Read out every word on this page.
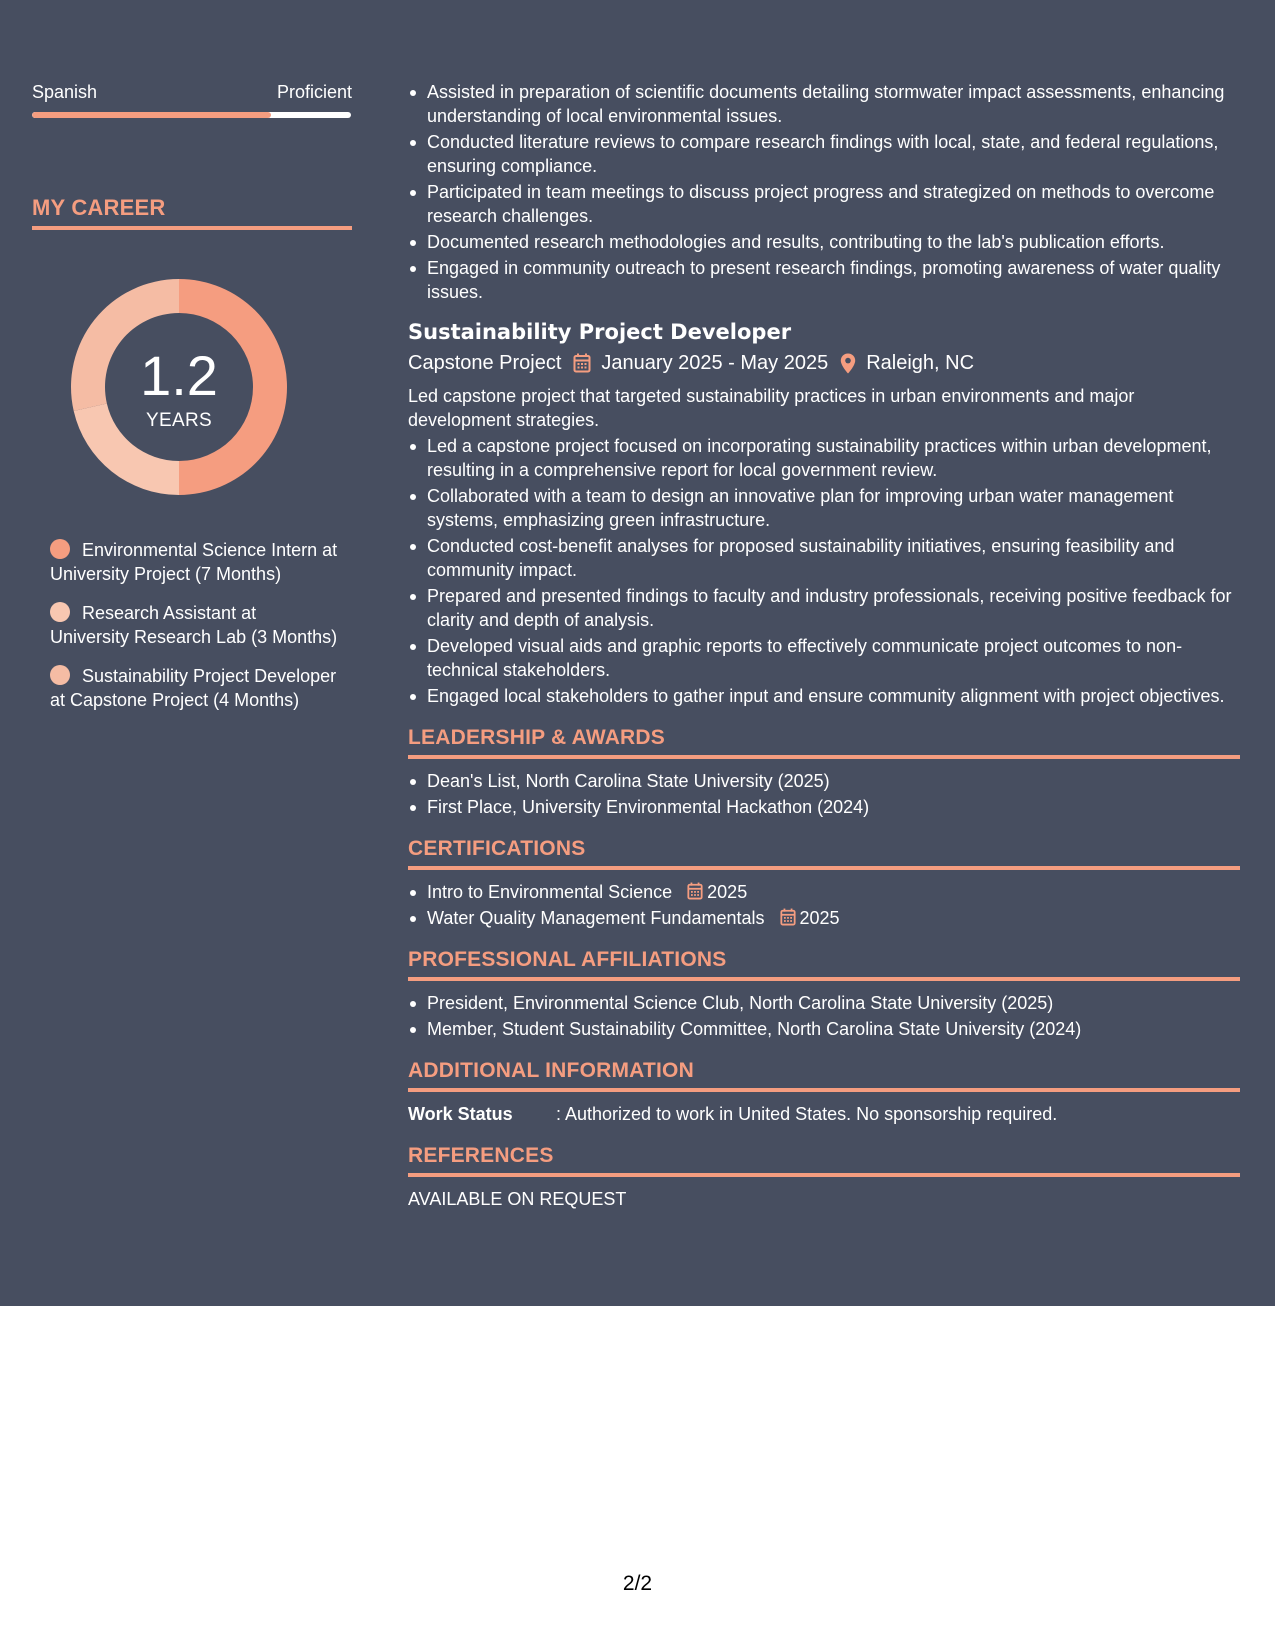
Spanish	Proficient
MY CAREER
1.2
YEARS
Environmental Science Intern at University Project (7 Months)
Research Assistant at University Research Lab (3 Months)
Sustainability Project Developer at Capstone Project (4 Months)
Assisted in preparation of scientific documents detailing stormwater impact assessments, enhancing understanding of local environmental issues.
Conducted literature reviews to compare research findings with local, state, and federal regulations, ensuring compliance.
Participated in team meetings to discuss project progress and strategized on methods to overcome research challenges.
Documented research methodologies and results, contributing to the lab's publication efforts.
Engaged in community outreach to present research findings, promoting awareness of water quality issues.
Sustainability Project Developer
Capstone Project January 2025 - May 2025 Raleigh, NC
Led capstone project that targeted sustainability practices in urban environments and major development strategies.
Led a capstone project focused on incorporating sustainability practices within urban development, resulting in a comprehensive report for local government review.
Collaborated with a team to design an innovative plan for improving urban water management systems, emphasizing green infrastructure.
Conducted cost-benefit analyses for proposed sustainability initiatives, ensuring feasibility and community impact.
Prepared and presented findings to faculty and industry professionals, receiving positive feedback for clarity and depth of analysis.
Developed visual aids and graphic reports to effectively communicate project outcomes to non-technical stakeholders.
Engaged local stakeholders to gather input and ensure community alignment with project objectives.
LEADERSHIP & AWARDS
Dean's List, North Carolina State University (2025)
First Place, University Environmental Hackathon (2024)
CERTIFICATIONS
Intro to Environmental Science 2025
Water Quality Management Fundamentals 2025
PROFESSIONAL AFFILIATIONS
President, Environmental Science Club, North Carolina State University (2025)
Member, Student Sustainability Committee, North Carolina State University (2024)
ADDITIONAL INFORMATION
Work Status	: Authorized to work in United States. No sponsorship required.
REFERENCES
AVAILABLE ON REQUEST
2/2
